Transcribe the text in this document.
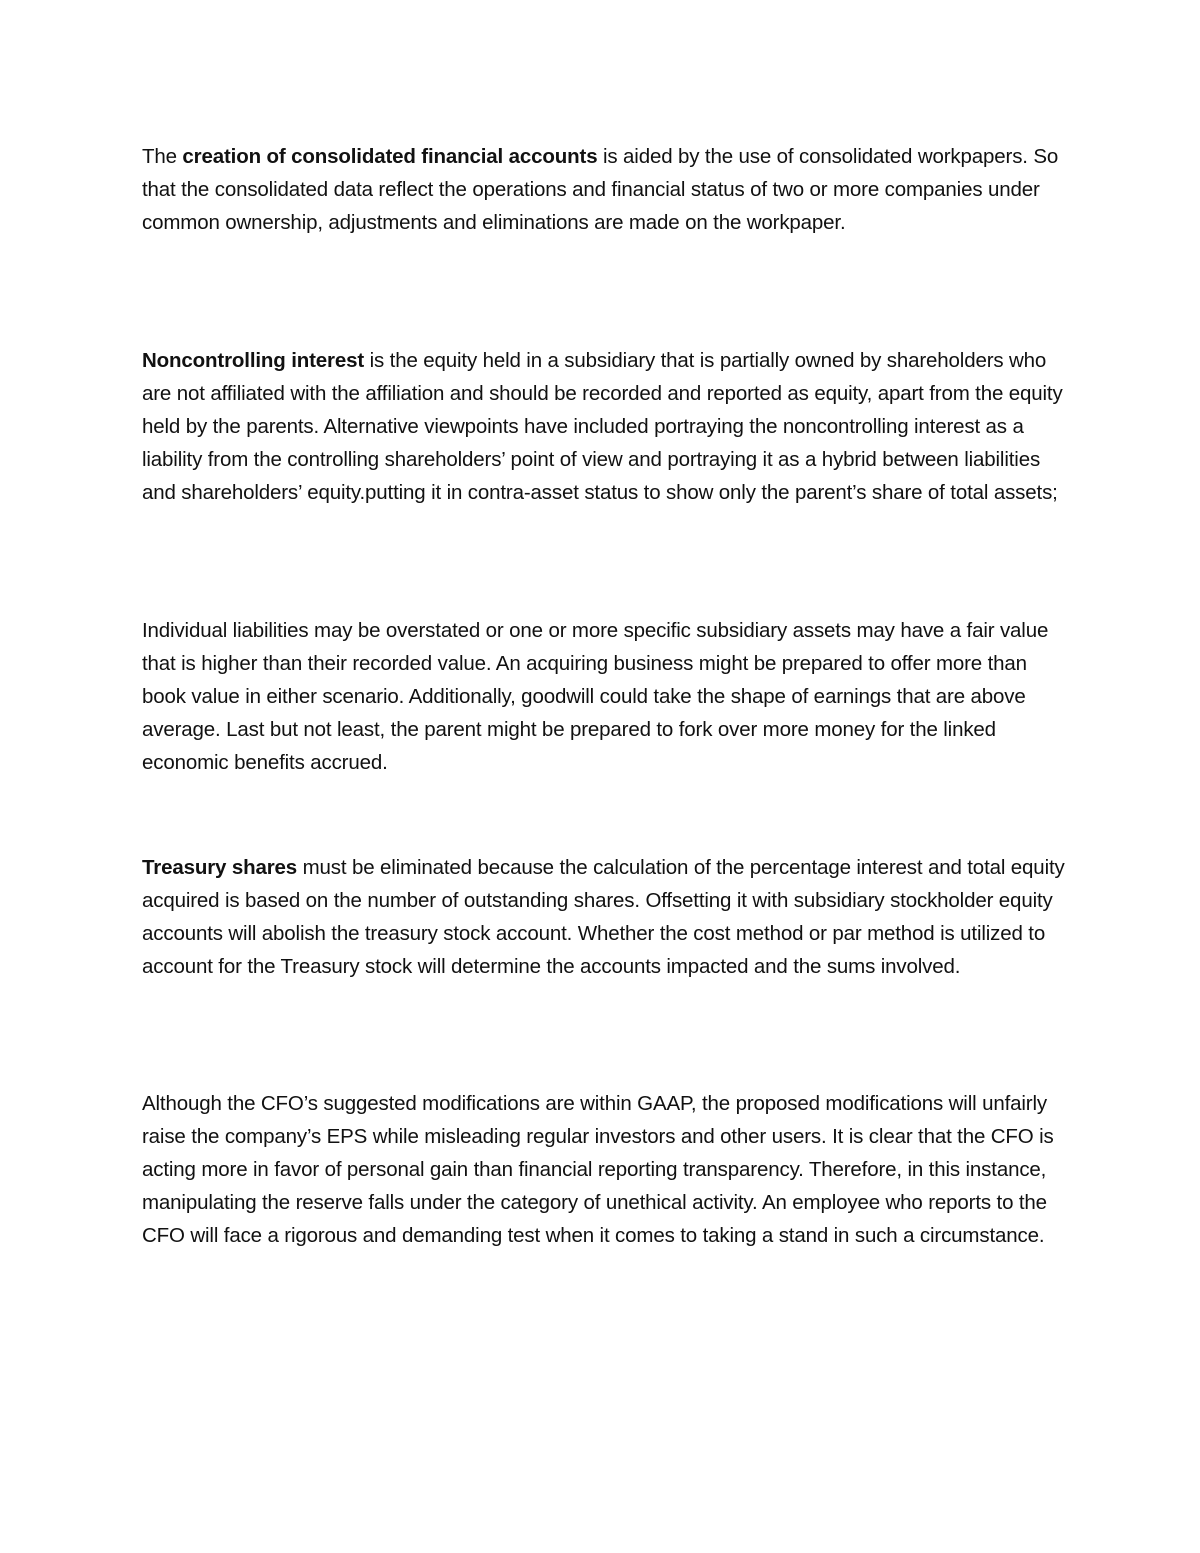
The creation of consolidated financial accounts is aided by the use of consolidated workpapers. So that the consolidated data reflect the operations and financial status of two or more companies under common ownership, adjustments and eliminations are made on the workpaper.

Noncontrolling interest is the equity held in a subsidiary that is partially owned by shareholders who are not affiliated with the affiliation and should be recorded and reported as equity, apart from the equity held by the parents. Alternative viewpoints have included portraying the noncontrolling interest as a liability from the controlling shareholders’ point of view and portraying it as a hybrid between liabilities and shareholders’ equity.putting it in contra-asset status to show only the parent’s share of total assets;

Individual liabilities may be overstated or one or more specific subsidiary assets may have a fair value that is higher than their recorded value. An acquiring business might be prepared to offer more than book value in either scenario. Additionally, goodwill could take the shape of earnings that are above average. Last but not least, the parent might be prepared to fork over more money for the linked economic benefits accrued.

Treasury shares must be eliminated because the calculation of the percentage interest and total equity acquired is based on the number of outstanding shares. Offsetting it with subsidiary stockholder equity accounts will abolish the treasury stock account. Whether the cost method or par method is utilized to account for the Treasury stock will determine the accounts impacted and the sums involved.

Although the CFO’s suggested modifications are within GAAP, the proposed modifications will unfairly raise the company’s EPS while misleading regular investors and other users. It is clear that the CFO is acting more in favor of personal gain than financial reporting transparency. Therefore, in this instance, manipulating the reserve falls under the category of unethical activity. An employee who reports to the CFO will face a rigorous and demanding test when it comes to taking a stand in such a circumstance.
